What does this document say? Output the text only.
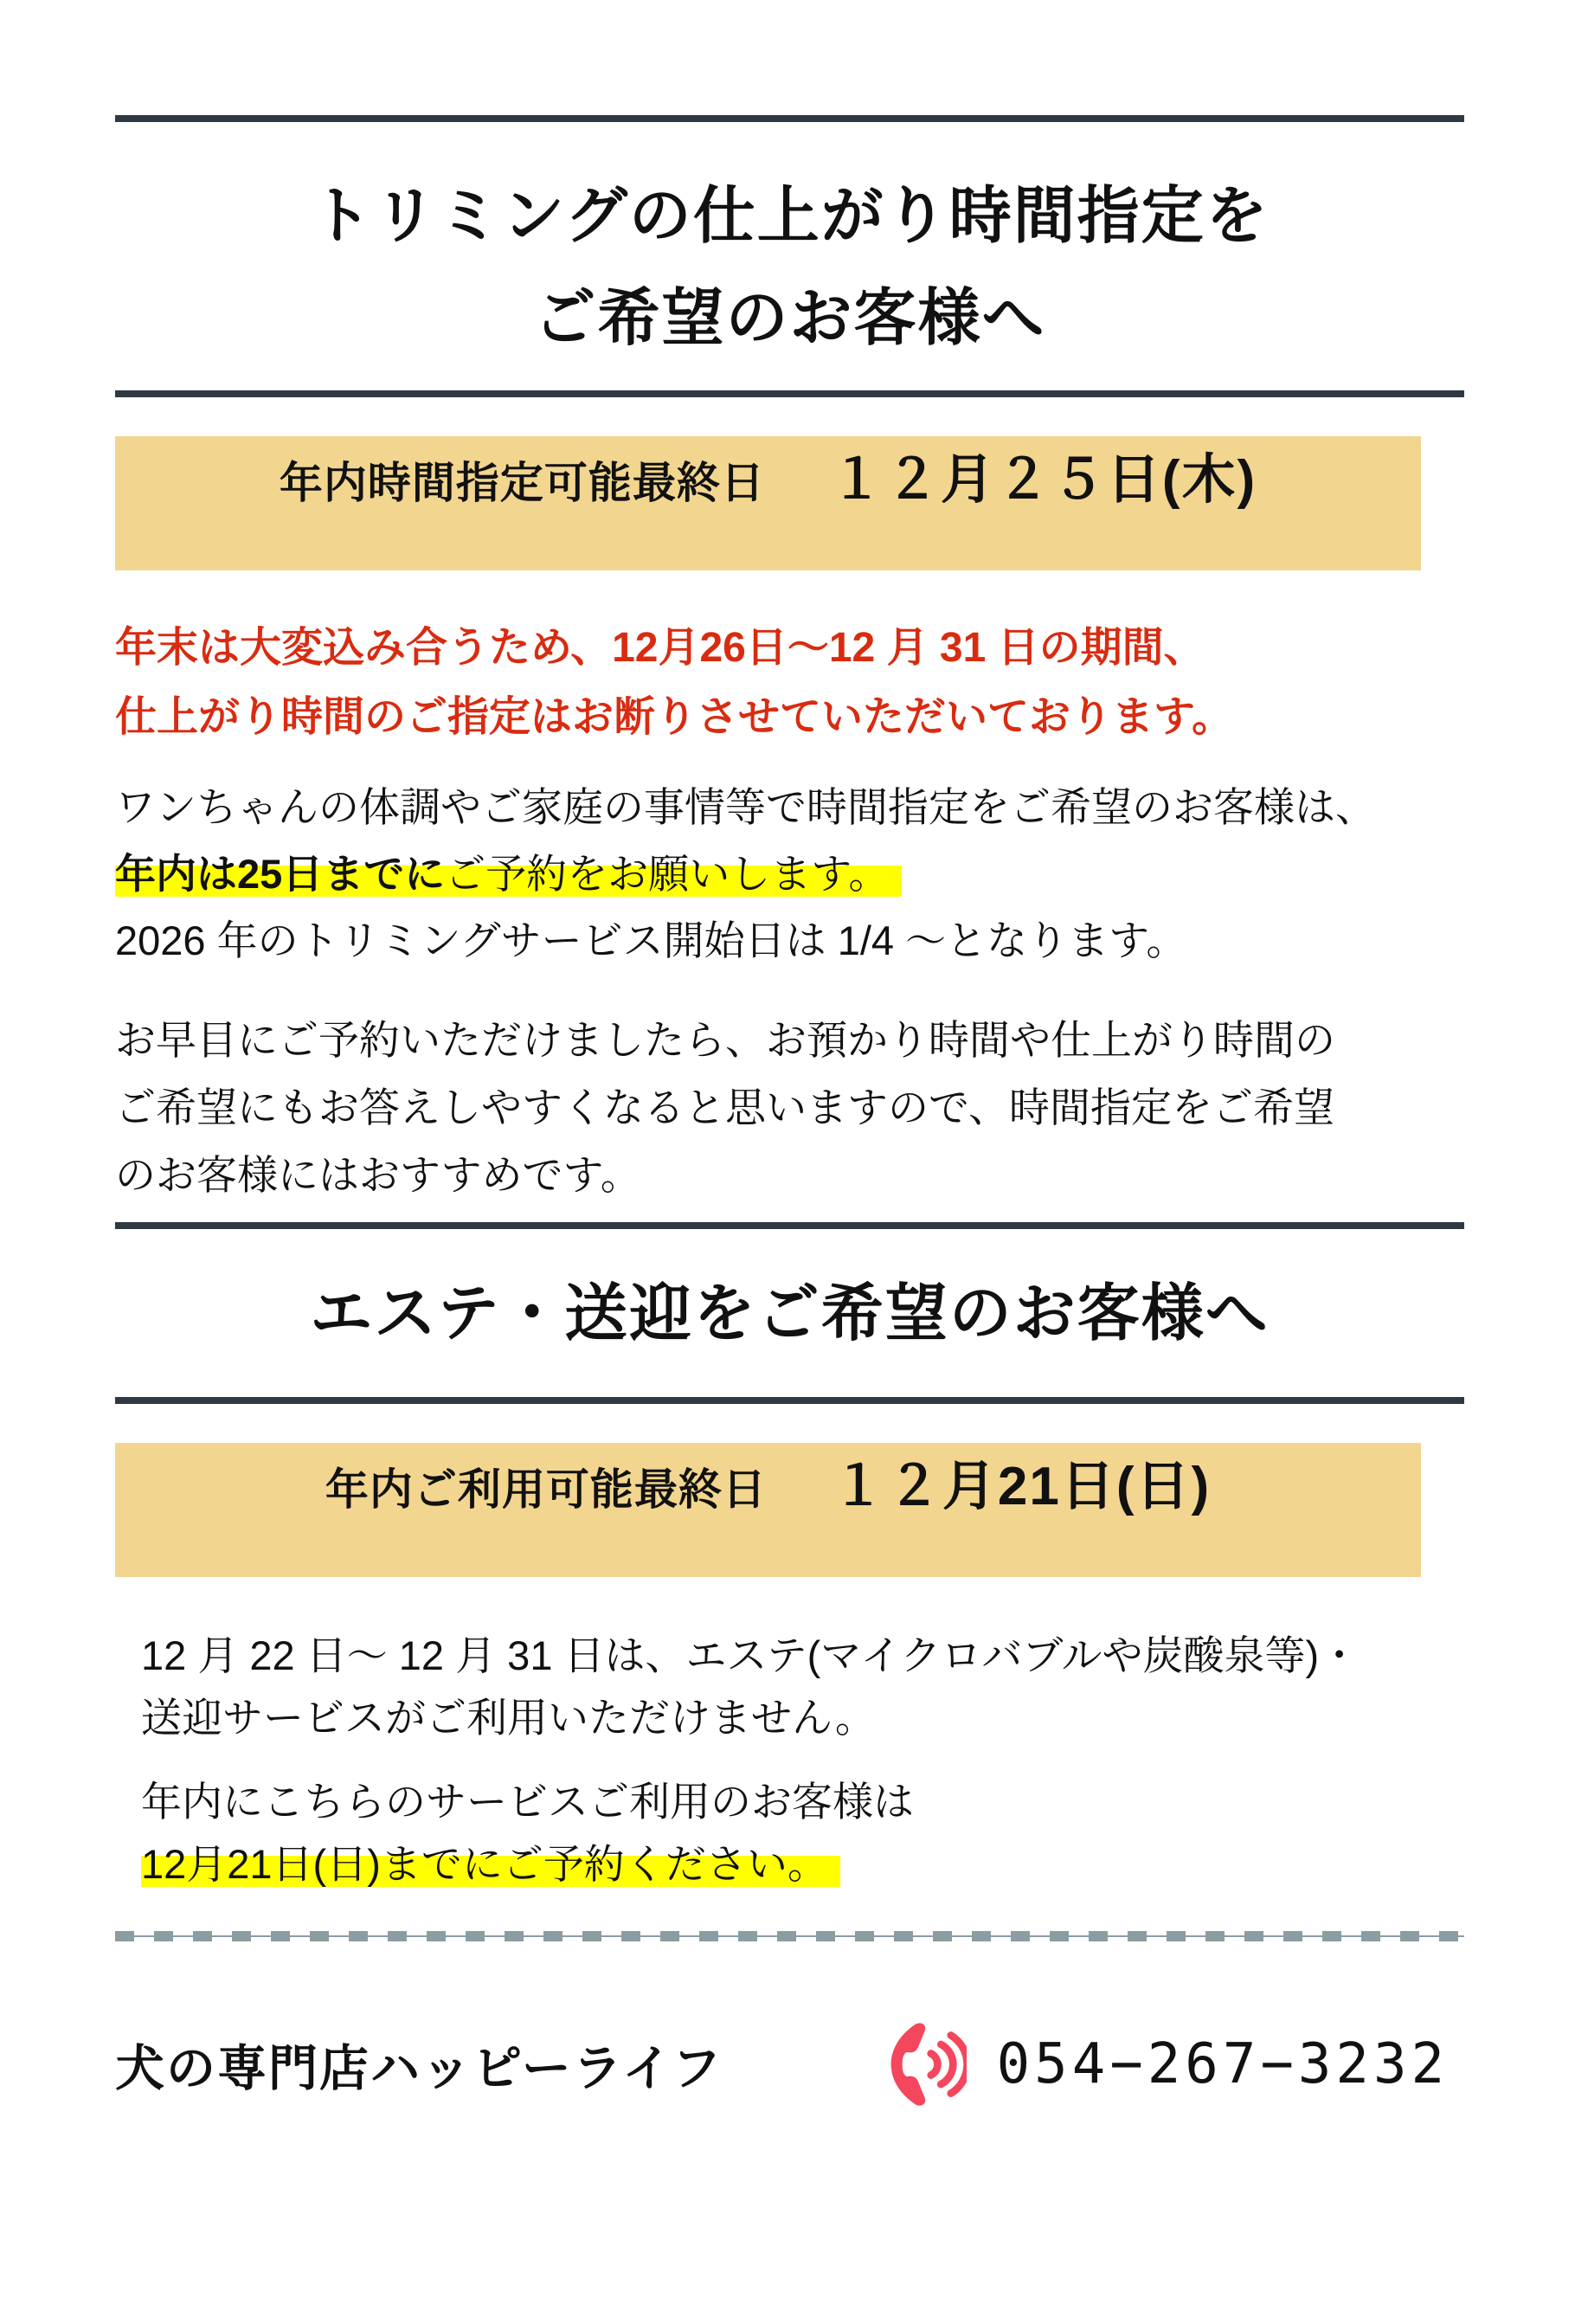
トリミングの仕上がり時間指定を
ご希望のお客様へ
年内時間指定可能最終日 １２月２５日(木)

年末は大変込み合うため、12月26日〜12 月 31 日の期間、
仕上がり時間のご指定はお断りさせていただいております。

ワンちゃんの体調やご家庭の事情等で時間指定をご希望のお客様は、
年内は25日までにご予約をお願いします。
2026 年のトリミングサービス開始日は 1/4 〜となります。

お早目にご予約いただけましたら、お預かり時間や仕上がり時間の
ご希望にもお答えしやすくなると思いますので、時間指定をご希望
のお客様にはおすすめです。

エステ・送迎をご希望のお客様へ
年内ご利用可能最終日 １２月21日(日)

12 月 22 日〜 12 月 31 日は、エステ(マイクロバブルや炭酸泉等)・
送迎サービスがご利用いただけません。

年内にこちらのサービスご利用のお客様は
12月21日(日)までにご予約ください。

犬の専門店ハッピーライフ	054−267−3232
